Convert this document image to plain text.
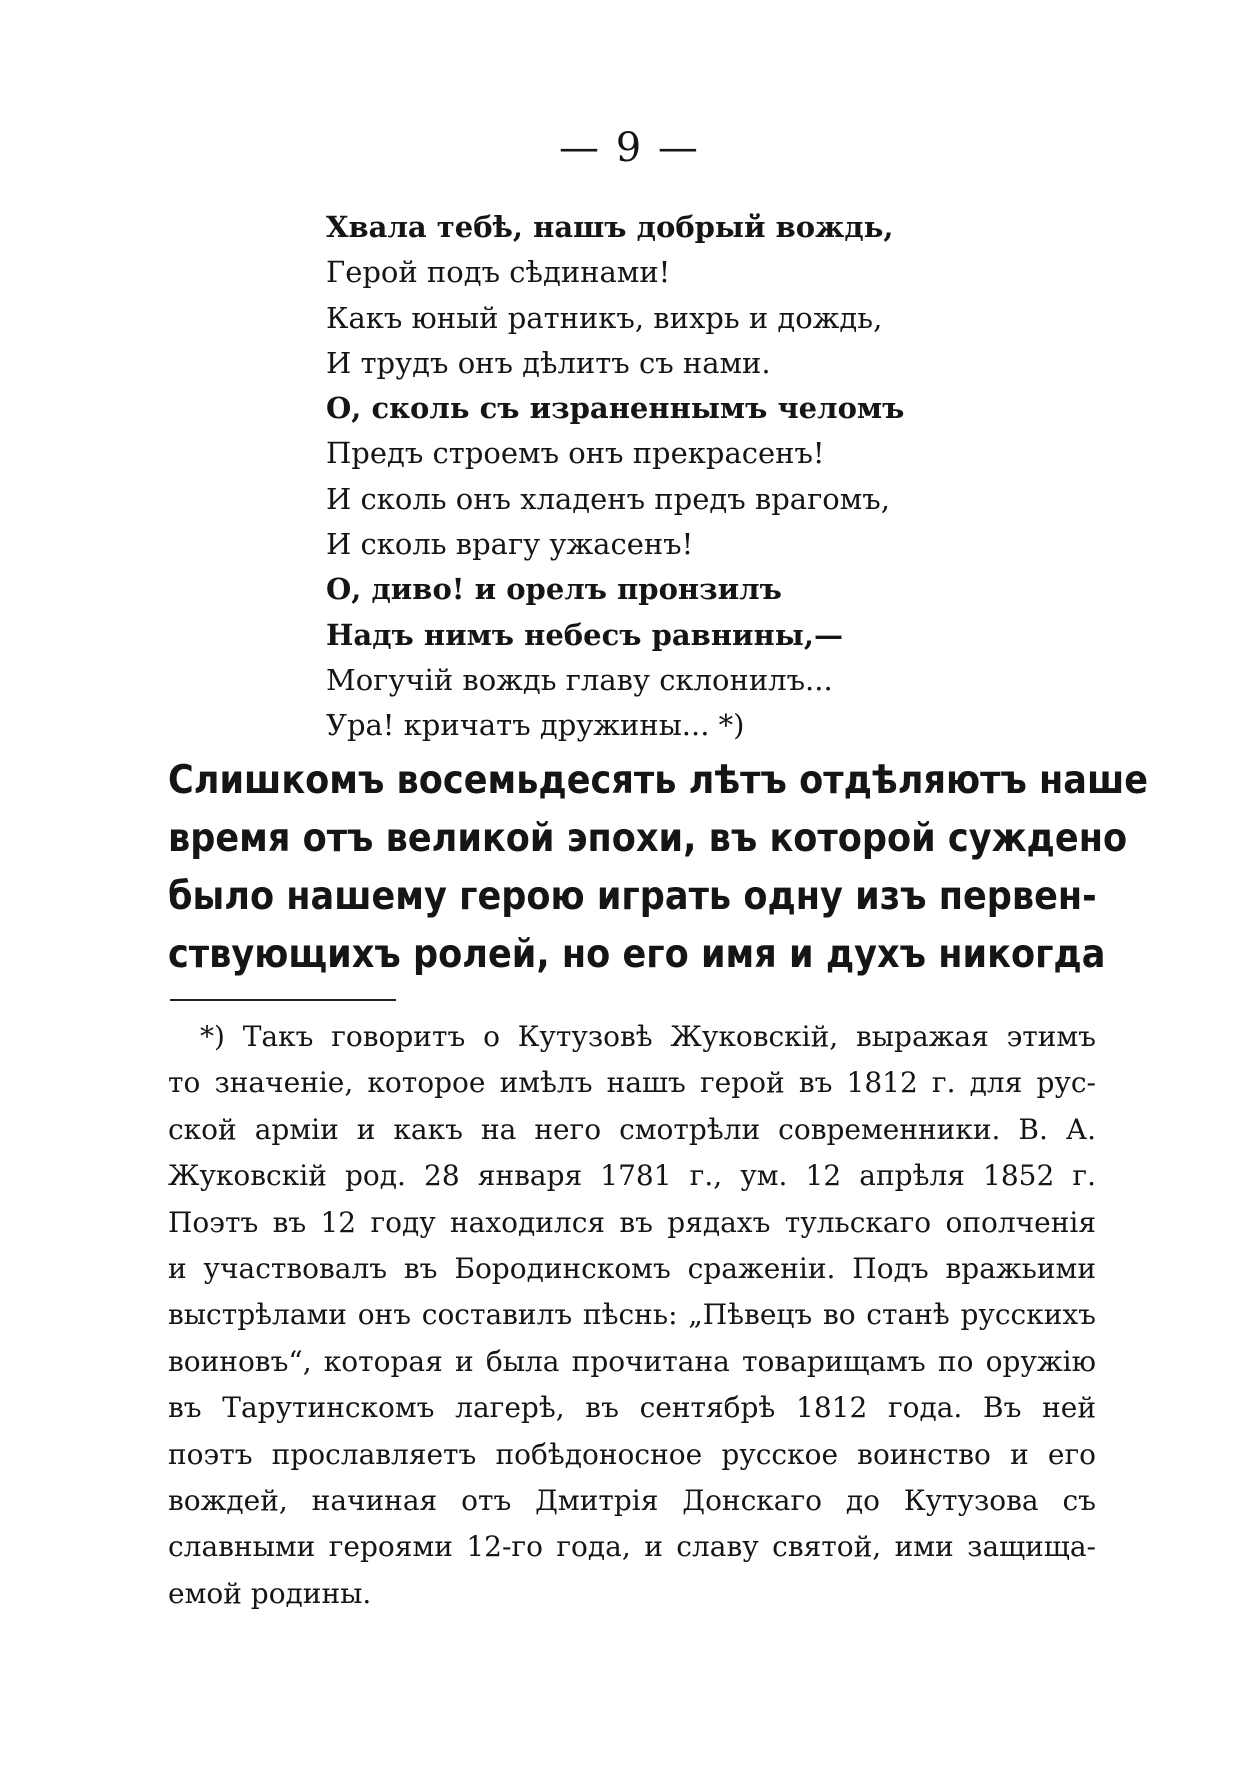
— 9 —
Хвала тебѣ, нашъ добрый вождь,
Герой подъ сѣдинами!
Какъ юный ратникъ, вихрь и дождь,
И трудъ онъ дѣлитъ съ нами.
О, сколь съ израненнымъ челомъ
Предъ строемъ онъ прекрасенъ!
И сколь онъ хладенъ предъ врагомъ,
И сколь врагу ужасенъ!
О, диво! и орелъ пронзилъ
Надъ нимъ небесъ равнины,—
Могучій вождь главу склонилъ...
Ура! кричатъ дружины... *)
Слишкомъ восемьдесять лѣтъ отдѣляютъ наше
время отъ великой эпохи, въ которой суждено
было нашему герою играть одну изъ первен-
ствующихъ ролей, но его имя и духъ никогда
*) Такъ говоритъ о Кутузовѣ Жуковскій, выражая этимъ
то значеніе, которое имѣлъ нашъ герой въ 1812 г. для рус-
ской арміи и какъ на него смотрѣли современники. В. А.
Жуковскій род. 28 января 1781 г., ум. 12 апрѣля 1852 г.
Поэтъ въ 12 году находился въ рядахъ тульскаго ополченія
и участвовалъ въ Бородинскомъ сраженіи. Подъ вражьими
выстрѣлами онъ составилъ пѣснь: „Пѣвецъ во станѣ русскихъ
воиновъ“, которая и была прочитана товарищамъ по оружію
въ Тарутинскомъ лагерѣ, въ сентябрѣ 1812 года. Въ ней
поэтъ прославляетъ побѣдоносное русское воинство и его
вождей, начиная отъ Дмитрія Донскаго до Кутузова съ
славными героями 12-го года, и славу святой, ими защища-
емой родины.
